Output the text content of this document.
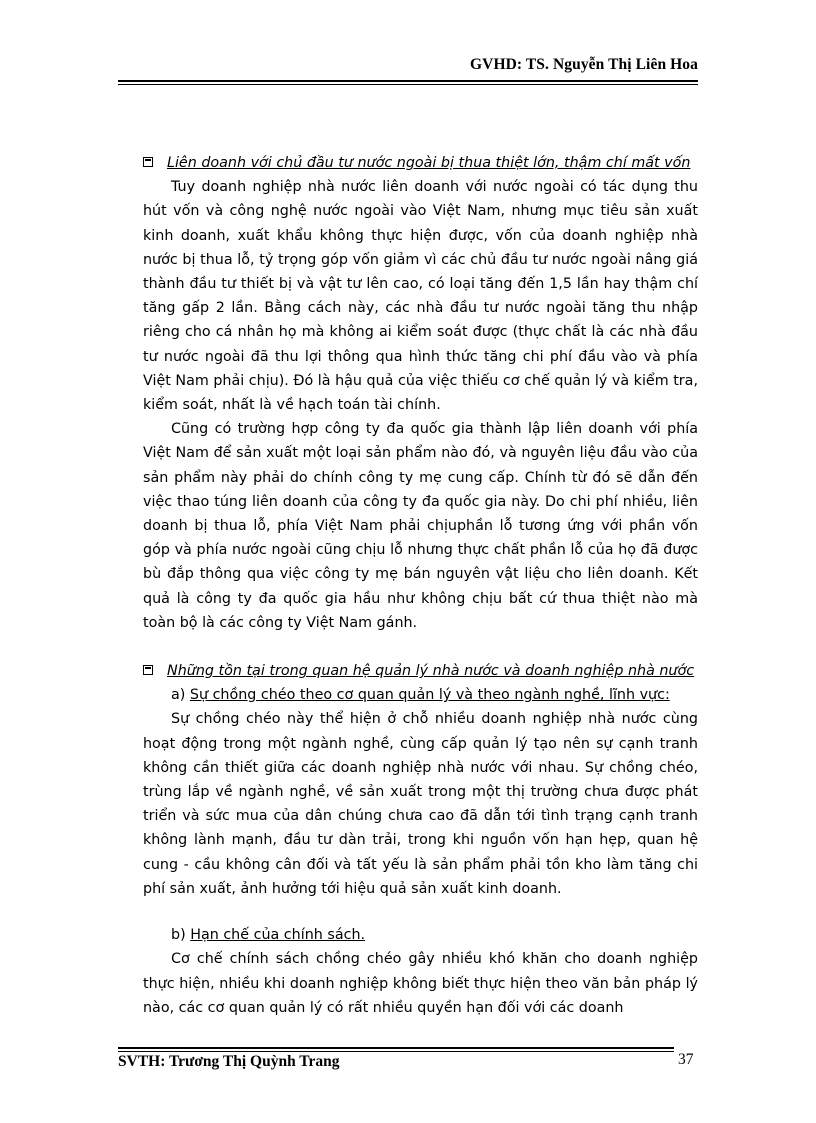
GVHD: TS. Nguyễn Thị Liên Hoa
Liên doanh với chủ đầu tư nước ngoài bị thua thiệt lớn, thậm chí mất vốn

Tuy doanh nghiệp nhà nước liên doanh với nước ngoài có tác dụng thu hút vốn và công nghệ nước ngoài vào Việt Nam, nhưng mục tiêu sản xuất kinh doanh, xuất khẩu không thực hiện được, vốn của doanh nghiệp nhà nước bị thua lỗ, tỷ trọng góp vốn giảm vì các chủ đầu tư nước ngoài nâng giá thành đầu tư thiết bị và vật tư lên cao, có loại tăng đến 1,5 lần hay thậm chí tăng gấp 2 lần. Bằng cách này, các nhà đầu tư nước ngoài tăng thu nhập riêng cho cá nhân họ mà không ai kiểm soát được (thực chất là các nhà đầu tư nước ngoài đã thu lợi thông qua hình thức tăng chi phí đầu vào và phía Việt Nam phải chịu). Đó là hậu quả của việc thiếu cơ chế quản lý và kiểm tra, kiểm soát, nhất là về hạch toán tài chính.

Cũng có trường hợp công ty đa quốc gia thành lập liên doanh với phía Việt Nam để sản xuất một loại sản phẩm nào đó, và nguyên liệu đầu vào của sản phẩm này phải do chính công ty mẹ cung cấp. Chính từ đó sẽ dẫn đến việc thao túng liên doanh của công ty đa quốc gia này. Do chi phí nhiều, liên doanh bị thua lỗ, phía Việt Nam phải chịuphần lỗ tương ứng với phần vốn góp và phía nước ngoài cũng chịu lỗ nhưng thực chất phần lỗ của họ đã được bù đắp thông qua việc công ty mẹ bán nguyên vật liệu cho liên doanh. Kết quả là công ty đa quốc gia hầu như không chịu bất cứ thua thiệt nào mà toàn bộ là các công ty Việt Nam gánh.

Những tồn tại trong quan hệ quản lý nhà nước và doanh nghiệp nhà nước

a) Sự chồng chéo theo cơ quan quản lý và theo ngành nghề, lĩnh vực:

Sự chồng chéo này thể hiện ở chỗ nhiều doanh nghiệp nhà nước cùng hoạt động trong một ngành nghề, cùng cấp quản lý tạo nên sự cạnh tranh không cần thiết giữa các doanh nghiệp nhà nước với nhau. Sự chồng chéo, trùng lắp về ngành nghề, về sản xuất trong một thị trường chưa được phát triển và sức mua của dân chúng chưa cao đã dẫn tới tình trạng cạnh tranh không lành mạnh, đầu tư dàn trải, trong khi nguồn vốn hạn hẹp, quan hệ cung - cầu không cân đối và tất yếu là sản phẩm phải tồn kho làm tăng chi phí sản xuất, ảnh hưởng tới hiệu quả sản xuất kinh doanh.

b) Hạn chế của chính sách.

Cơ chế chính sách chồng chéo gây nhiều khó khăn cho doanh nghiệp thực hiện, nhiều khi doanh nghiệp không biết thực hiện theo văn bản pháp lý nào, các cơ quan quản lý có rất nhiều quyền hạn đối với các doanh

SVTH: Trương Thị Quỳnh Trang	37
